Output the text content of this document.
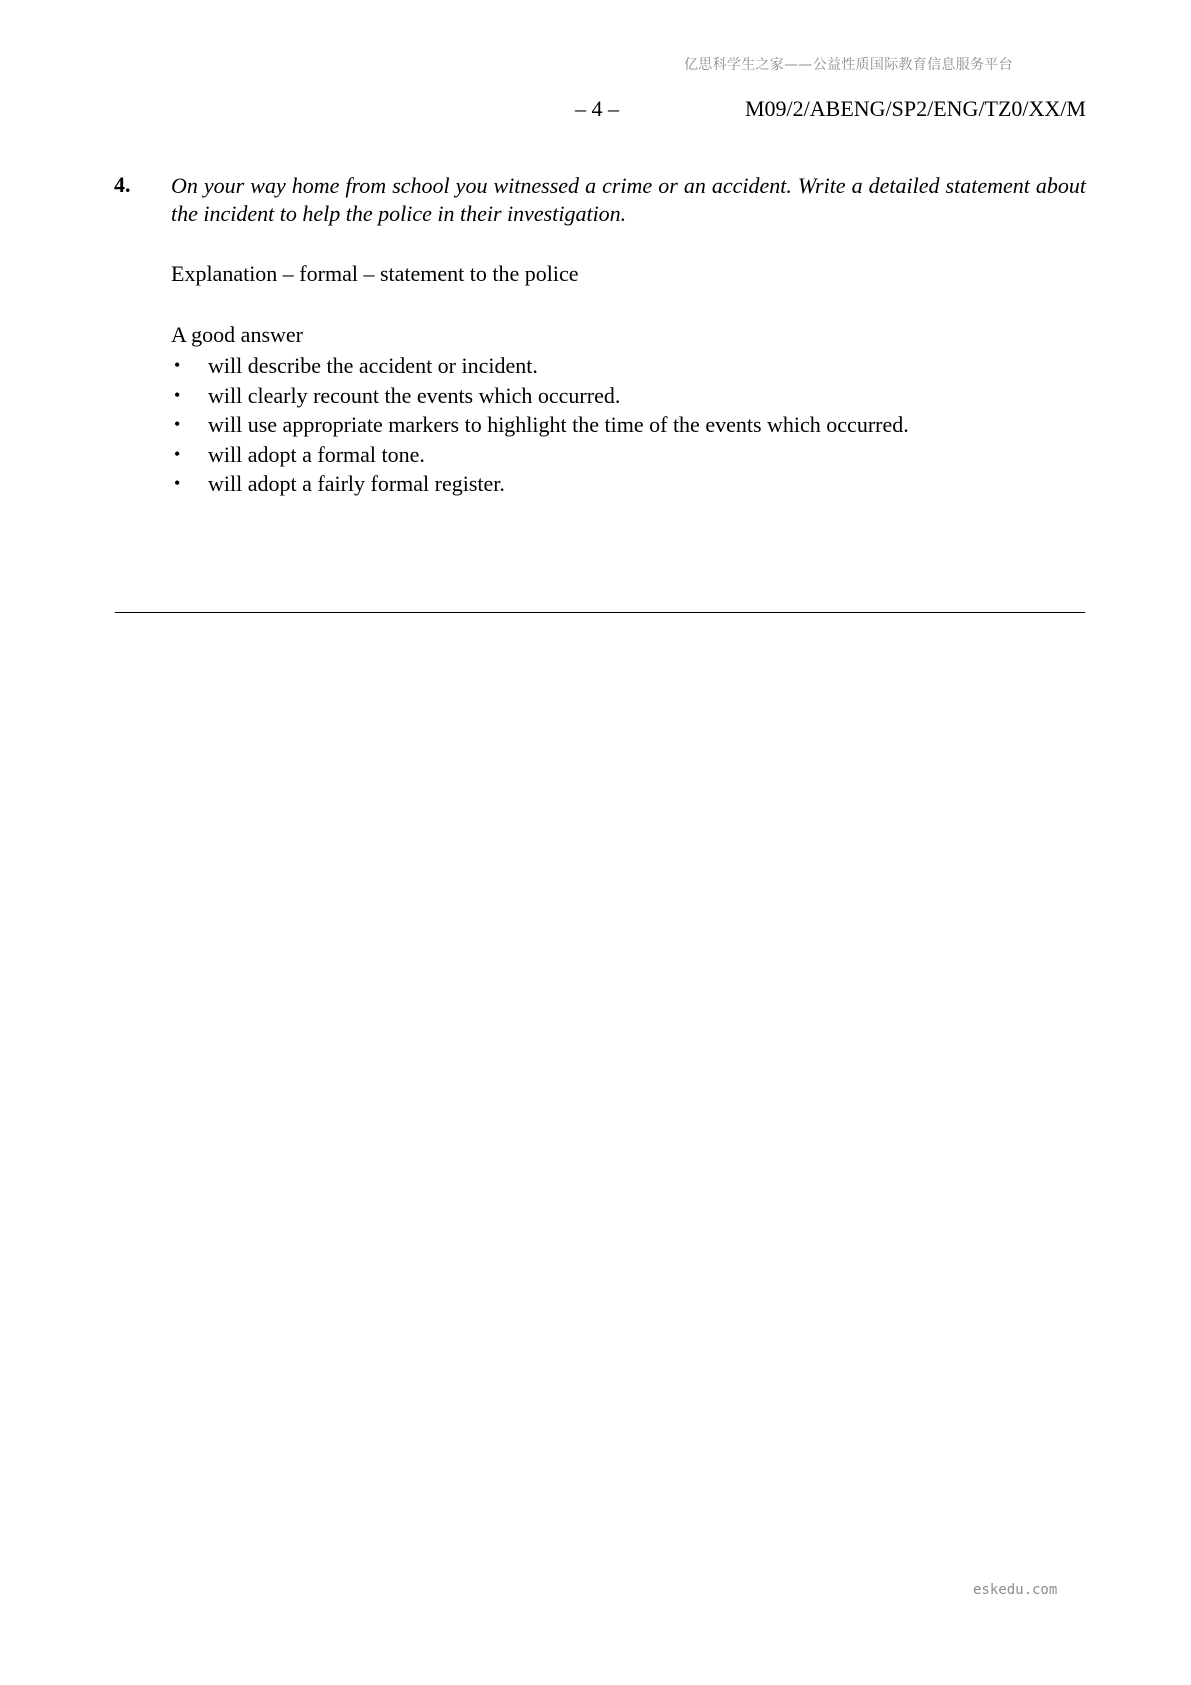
亿思科学生之家——公益性质国际教育信息服务平台
– 4 –	M09/2/ABENG/SP2/ENG/TZ0/XX/M
4. On your way home from school you witnessed a crime or an accident. Write a detailed statement about the incident to help the police in their investigation.
Explanation – formal – statement to the police
A good answer
• will describe the accident or incident.
• will clearly recount the events which occurred.
• will use appropriate markers to highlight the time of the events which occurred.
• will adopt a formal tone.
• will adopt a fairly formal register.
eskedu.com
